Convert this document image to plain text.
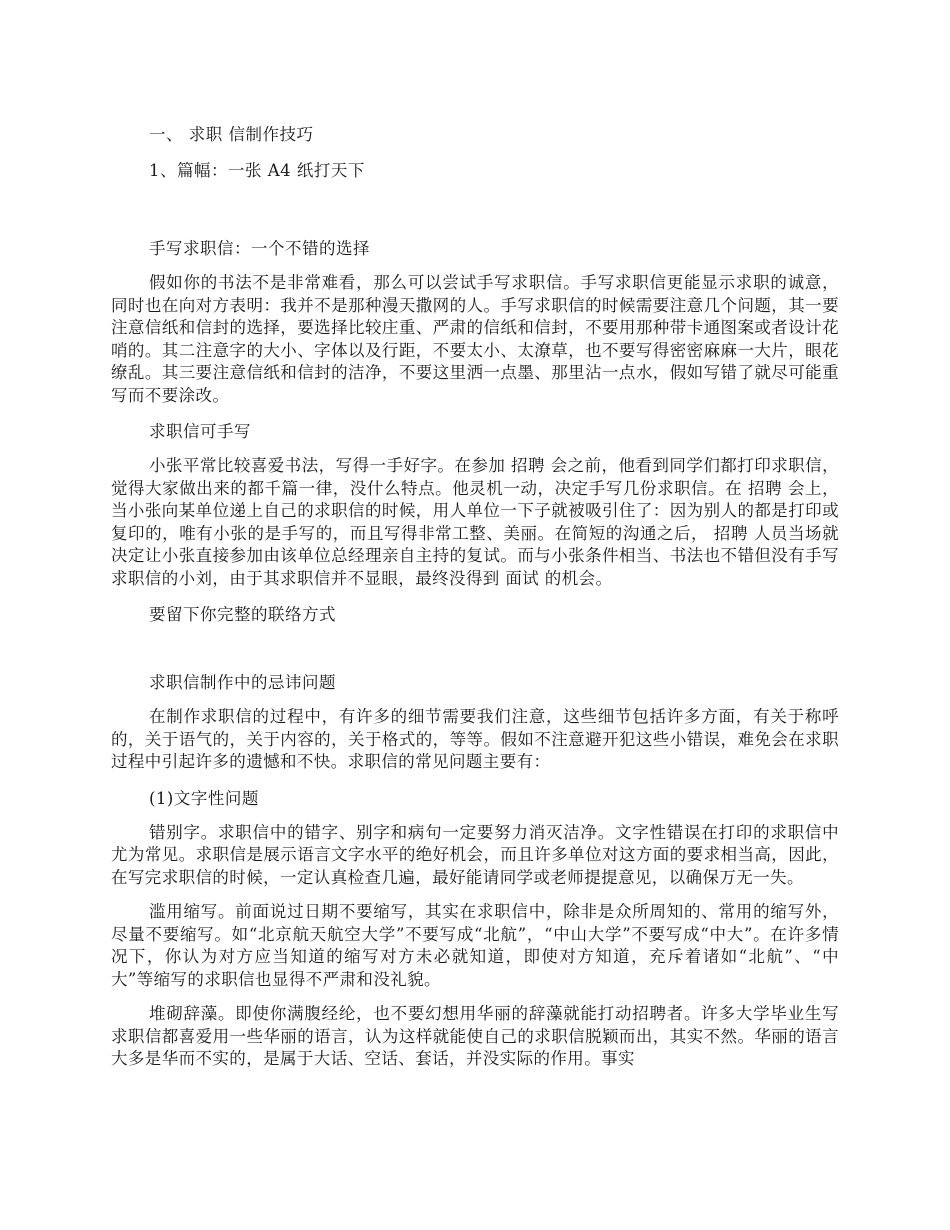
一、 求职 信制作技巧

1、篇幅：一张 A4 纸打天下

手写求职信：一个不错的选择

假如你的书法不是非常难看，那么可以尝试手写求职信。手写求职信更能显示求职的诚意，同时也在向对方表明：我并不是那种漫天撒网的人。手写求职信的时候需要注意几个问题，其一要注意信纸和信封的选择，要选择比较庄重、严肃的信纸和信封，不要用那种带卡通图案或者设计花哨的。其二注意字的大小、字体以及行距，不要太小、太潦草，也不要写得密密麻麻一大片，眼花缭乱。其三要注意信纸和信封的洁净，不要这里洒一点墨、那里沾一点水，假如写错了就尽可能重写而不要涂改。

求职信可手写

小张平常比较喜爱书法，写得一手好字。在参加 招聘 会之前，他看到同学们都打印求职信，觉得大家做出来的都千篇一律，没什么特点。他灵机一动，决定手写几份求职信。在 招聘 会上，当小张向某单位递上自己的求职信的时候，用人单位一下子就被吸引住了：因为别人的都是打印或复印的，唯有小张的是手写的，而且写得非常工整、美丽。在简短的沟通之后， 招聘 人员当场就决定让小张直接参加由该单位总经理亲自主持的复试。而与小张条件相当、书法也不错但没有手写求职信的小刘，由于其求职信并不显眼，最终没得到 面试 的机会。

要留下你完整的联络方式

求职信制作中的忌讳问题

在制作求职信的过程中，有许多的细节需要我们注意，这些细节包括许多方面，有关于称呼的，关于语气的，关于内容的，关于格式的，等等。假如不注意避开犯这些小错误，难免会在求职过程中引起许多的遗憾和不快。求职信的常见问题主要有：

(1)文字性问题

错别字。求职信中的错字、别字和病句一定要努力消灭洁净。文字性错误在打印的求职信中尤为常见。求职信是展示语言文字水平的绝好机会，而且许多单位对这方面的要求相当高，因此，在写完求职信的时候，一定认真检查几遍，最好能请同学或老师提提意见，以确保万无一失。

滥用缩写。前面说过日期不要缩写，其实在求职信中，除非是众所周知的、常用的缩写外，尽量不要缩写。如“北京航天航空大学”不要写成“北航”，“中山大学”不要写成“中大”。在许多情况下，你认为对方应当知道的缩写对方未必就知道，即使对方知道，充斥着诸如“北航”、“中大”等缩写的求职信也显得不严肃和没礼貌。

堆砌辞藻。即使你满腹经纶，也不要幻想用华丽的辞藻就能打动招聘者。许多大学毕业生写求职信都喜爱用一些华丽的语言，认为这样就能使自己的求职信脱颖而出，其实不然。华丽的语言大多是华而不实的，是属于大话、空话、套话，并没实际的作用。事实
